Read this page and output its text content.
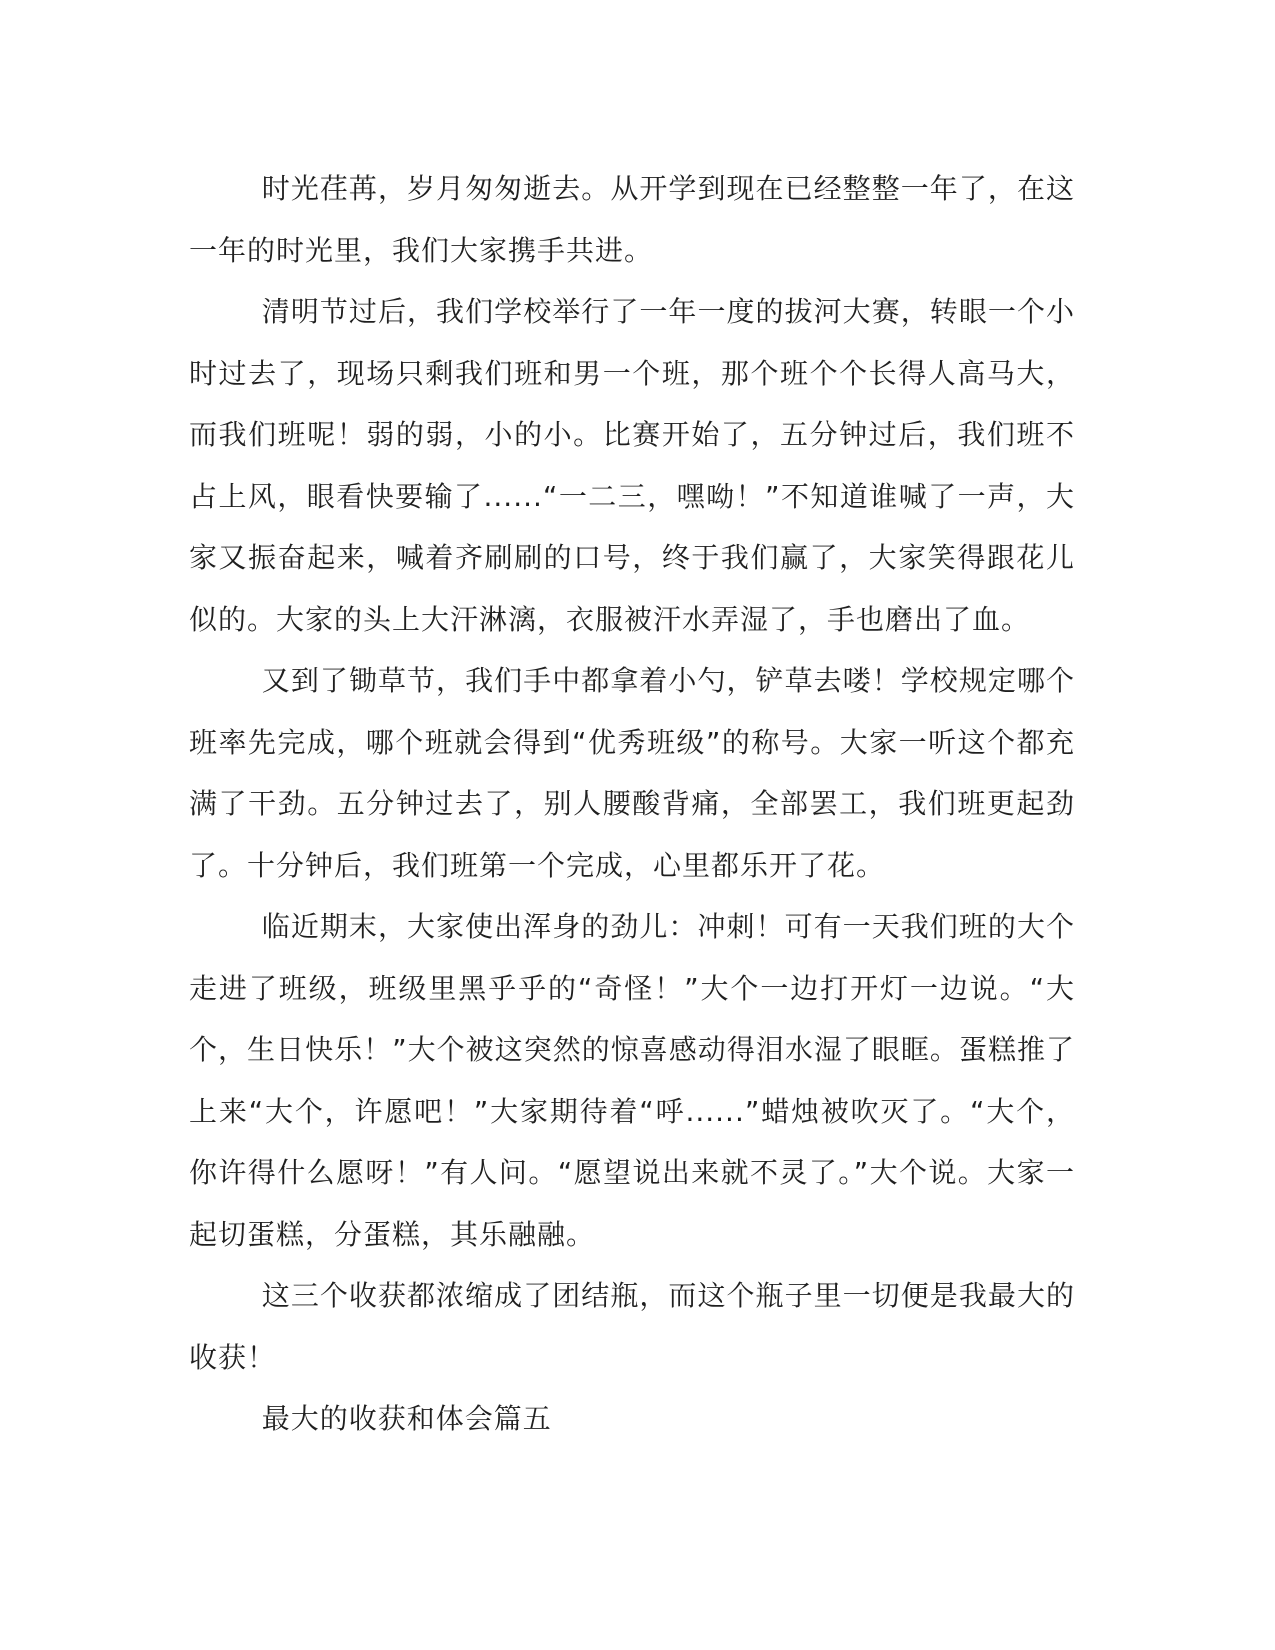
时光荏苒，岁月匆匆逝去。从开学到现在已经整整一年了，在这一年的时光里，我们大家携手共进。

清明节过后，我们学校举行了一年一度的拔河大赛，转眼一个小时过去了，现场只剩我们班和男一个班，那个班个个长得人高马大，而我们班呢！弱的弱，小的小。比赛开始了，五分钟过后，我们班不占上风，眼看快要输了......“一二三，嘿呦！”不知道谁喊了一声，大家又振奋起来，喊着齐刷刷的口号，终于我们赢了，大家笑得跟花儿似的。大家的头上大汗淋漓，衣服被汗水弄湿了，手也磨出了血。

又到了锄草节，我们手中都拿着小勺，铲草去喽！学校规定哪个班率先完成，哪个班就会得到“优秀班级”的称号。大家一听这个都充满了干劲。五分钟过去了，别人腰酸背痛，全部罢工，我们班更起劲了。十分钟后，我们班第一个完成，心里都乐开了花。

临近期末，大家使出浑身的劲儿：冲刺！可有一天我们班的大个走进了班级，班级里黑乎乎的“奇怪！”大个一边打开灯一边说。“大个，生日快乐！”大个被这突然的惊喜感动得泪水湿了眼眶。蛋糕推了上来“大个，许愿吧！”大家期待着“呼......”蜡烛被吹灭了。“大个，你许得什么愿呀！”有人问。“愿望说出来就不灵了。”大个说。大家一起切蛋糕，分蛋糕，其乐融融。

这三个收获都浓缩成了团结瓶，而这个瓶子里一切便是我最大的收获！

最大的收获和体会篇五
